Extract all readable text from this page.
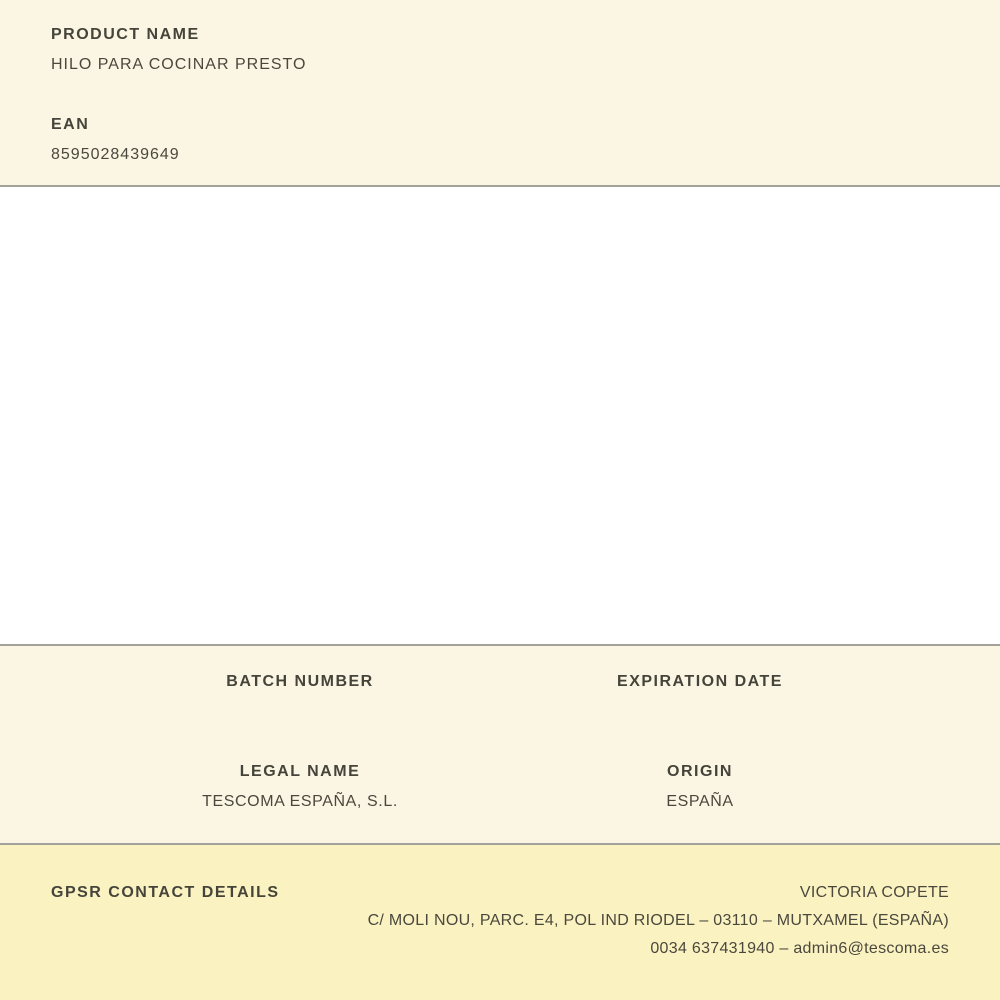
PRODUCT NAME
HILO PARA COCINAR PRESTO
EAN
8595028439649
BATCH NUMBER	EXPIRATION DATE
LEGAL NAME
TESCOMA ESPAÑA, S.L.
ORIGIN
ESPAÑA
GPSR CONTACT DETAILS	VICTORIA COPETE
C/ MOLI NOU, PARC. E4, POL IND RIODEL – 03110 – MUTXAMEL (ESPAÑA)
0034 637431940 – admin6@tescoma.es
